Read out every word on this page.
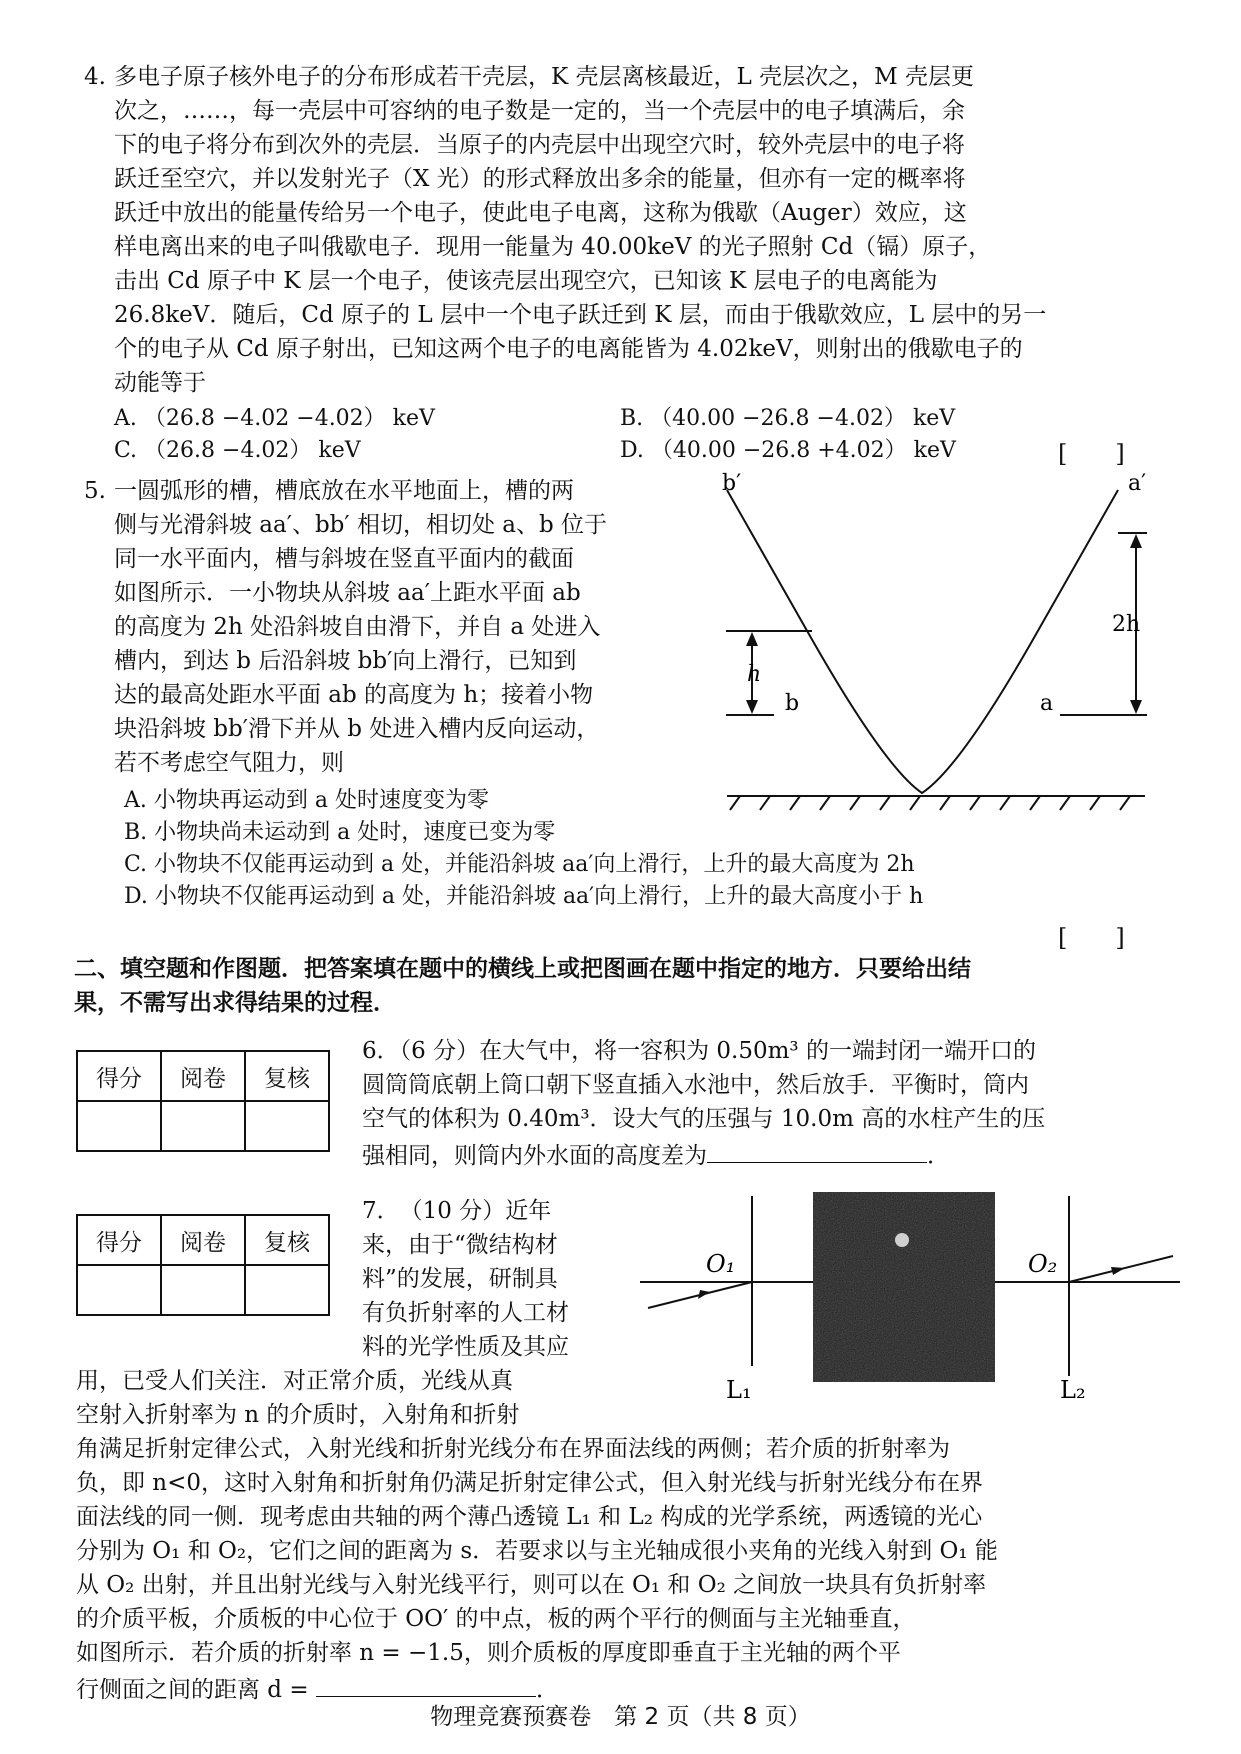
4. 多电子原子核外电子的分布形成若干壳层，K 壳层离核最近，L 壳层次之，M 壳层更
次之，……，每一壳层中可容纳的电子数是一定的，当一个壳层中的电子填满后，余
下的电子将分布到次外的壳层．当原子的内壳层中出现空穴时，较外壳层中的电子将
跃迁至空穴，并以发射光子（X 光）的形式释放出多余的能量，但亦有一定的概率将
跃迁中放出的能量传给另一个电子，使此电子电离，这称为俄歇（Auger）效应，这
样电离出来的电子叫俄歇电子．现用一能量为 40.00keV 的光子照射 Cd（镉）原子，
击出 Cd 原子中 K 层一个电子，使该壳层出现空穴，已知该 K 层电子的电离能为
26.8keV．随后，Cd 原子的 L 层中一个电子跃迁到 K 层，而由于俄歇效应，L 层中的另一
个的电子从 Cd 原子射出，已知这两个电子的电离能皆为 4.02keV，则射出的俄歇电子的
动能等于
A. （26.8 −4.02 −4.02） keV	B. （40.00 −26.8 −4.02） keV
C. （26.8 −4.02） keV	D. （40.00 −26.8 +4.02） keV	[　　]
5. 一圆弧形的槽，槽底放在水平地面上，槽的两
侧与光滑斜坡 aa′、bb′ 相切，相切处 a、b 位于
同一水平面内，槽与斜坡在竖直平面内的截面
如图所示．一小物块从斜坡 aa′上距水平面 ab
的高度为 2h 处沿斜坡自由滑下，并自 a 处进入
槽内，到达 b 后沿斜坡 bb′向上滑行，已知到
达的最高处距水平面 ab 的高度为 h；接着小物
块沿斜坡 bb′滑下并从 b 处进入槽内反向运动，
若不考虑空气阻力，则
A. 小物块再运动到 a 处时速度变为零
B. 小物块尚未运动到 a 处时，速度已变为零
C. 小物块不仅能再运动到 a 处，并能沿斜坡 aa′向上滑行，上升的最大高度为 2h
D. 小物块不仅能再运动到 a 处，并能沿斜坡 aa′向上滑行，上升的最大高度小于 h
[　　]
b′	a′
b	a
h
2h
二、填空题和作图题．把答案填在题中的横线上或把图画在题中指定的地方．只要给出结
果，不需写出求得结果的过程．
得分	阅卷	复核

6．（6 分）在大气中，将一容积为 0.50m³ 的一端封闭一端开口的
圆筒筒底朝上筒口朝下竖直插入水池中，然后放手．平衡时，筒内
空气的体积为 0.40m³．设大气的压强与 10.0m 高的水柱产生的压
强相同，则筒内外水面的高度差为	．
得分	阅卷	复核

7．　（10 分）近年
来，由于“微结构材
料”的发展，研制具
有负折射率的人工材
料的光学性质及其应
用，已受人们关注．对正常介质，光线从真
空射入折射率为 n 的介质时，入射角和折射
角满足折射定律公式，入射光线和折射光线分布在界面法线的两侧；若介质的折射率为
负，即 n<0，这时入射角和折射角仍满足折射定律公式，但入射光线与折射光线分布在界
面法线的同一侧．现考虑由共轴的两个薄凸透镜 L₁ 和 L₂ 构成的光学系统，两透镜的光心
分别为 O₁ 和 O₂，它们之间的距离为 s．若要求以与主光轴成很小夹角的光线入射到 O₁ 能
从 O₂ 出射，并且出射光线与入射光线平行，则可以在 O₁ 和 O₂ 之间放一块具有负折射率
的介质平板，介质板的中心位于 OO′ 的中点，板的两个平行的侧面与主光轴垂直，
如图所示．若介质的折射率 n = −1.5，则介质板的厚度即垂直于主光轴的两个平
行侧面之间的距离 d =	．
O₁	O₂
L₁	L₂
物理竞赛预赛卷　第 2 页（共 8 页）
